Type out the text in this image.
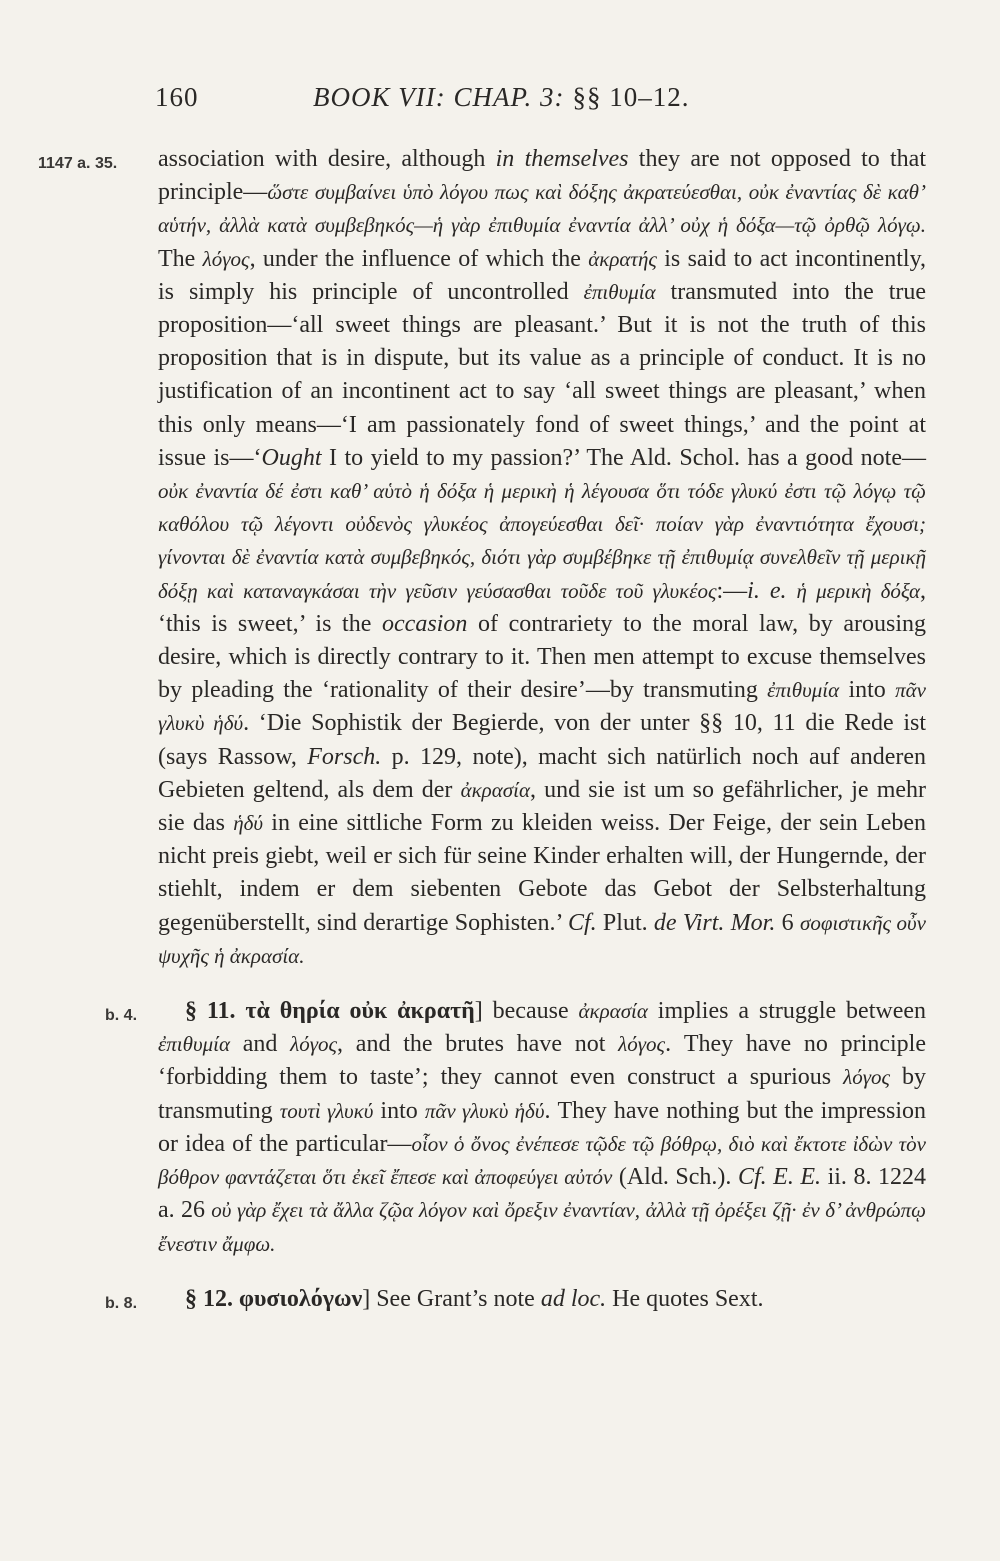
160	BOOK VII: CHAP. 3: §§ 10–12.

1147 a. 35. association with desire, although in themselves they are not opposed to that principle—ὥστε συμβαίνει ὑπὸ λόγου πως καὶ δόξης ἀκρατεύεσθαι, οὐκ ἐναντίας δὲ καθ’ αὑτήν, ἀλλὰ κατὰ συμβεβηκός—ἡ γὰρ ἐπιθυμία ἐναντία ἀλλ’ οὐχ ἡ δόξα—τῷ ὀρθῷ λόγῳ. The λόγος, under the influence of which the ἀκρατής is said to act incontinently, is simply his principle of uncontrolled ἐπιθυμία transmuted into the true proposition—‘all sweet things are pleasant.’ But it is not the truth of this proposition that is in dispute, but its value as a principle of conduct. It is no justification of an incontinent act to say ‘all sweet things are pleasant,’ when this only means—‘I am passionately fond of sweet things,’ and the point at issue is—‘Ought I to yield to my passion?’ The Ald. Schol. has a good note—οὐκ ἐναντία δέ ἐστι καθ’ αὑτὸ ἡ δόξα ἡ μερικὴ ἡ λέγουσα ὅτι τόδε γλυκύ ἐστι τῷ λόγῳ τῷ καθόλου τῷ λέγοντι οὐδενὸς γλυκέος ἀπογεύεσθαι δεῖ· ποίαν γὰρ ἐναντιότητα ἔχουσι; γίνονται δὲ ἐναντία κατὰ συμβεβηκός, διότι γὰρ συμβέβηκε τῇ ἐπιθυμίᾳ συνελθεῖν τῇ μερικῇ δόξῃ καὶ καταναγκάσαι τὴν γεῦσιν γεύσασθαι τοῦδε τοῦ γλυκέος:—i. e. ἡ μερικὴ δόξα, ‘this is sweet,’ is the occasion of contrariety to the moral law, by arousing desire, which is directly contrary to it. Then men attempt to excuse themselves by pleading the ‘rationality of their desire’—by transmuting ἐπιθυμία into πᾶν γλυκὺ ἡδύ. ‘Die Sophistik der Begierde, von der unter §§ 10, 11 die Rede ist (says Rassow, Forsch. p. 129, note), macht sich natürlich noch auf anderen Gebieten geltend, als dem der ἀκρασία, und sie ist um so gefährlicher, je mehr sie das ἡδύ in eine sittliche Form zu kleiden weiss. Der Feige, der sein Leben nicht preis giebt, weil er sich für seine Kinder erhalten will, der Hungernde, der stiehlt, indem er dem siebenten Gebote das Gebot der Selbsterhaltung gegenüberstellt, sind derartige Sophisten.’ Cf. Plut. de Virt. Mor. 6 σοφιστικῆς οὖν ψυχῆς ἡ ἀκρασία.

b. 4. § 11. τὰ θηρία οὐκ ἀκρατῆ] because ἀκρασία implies a struggle between ἐπιθυμία and λόγος, and the brutes have not λόγος. They have no principle ‘forbidding them to taste’; they cannot even construct a spurious λόγος by transmuting τουτὶ γλυκύ into πᾶν γλυκὺ ἡδύ. They have nothing but the impression or idea of the particular—οἷον ὁ ὄνος ἐνέπεσε τῷδε τῷ βόθρῳ, διὸ καὶ ἔκτοτε ἰδὼν τὸν βόθρον φαντάζεται ὅτι ἐκεῖ ἔπεσε καὶ ἀποφεύγει αὐτόν (Ald. Sch.). Cf. E. E. ii. 8. 1224 a. 26 οὐ γὰρ ἔχει τὰ ἄλλα ζῷα λόγον καὶ ὄρεξιν ἐναντίαν, ἀλλὰ τῇ ὀρέξει ζῇ· ἐν δ’ ἀνθρώπῳ ἔνεστιν ἄμφω.

b. 8. § 12. φυσιολόγων] See Grant’s note ad loc. He quotes Sext.
